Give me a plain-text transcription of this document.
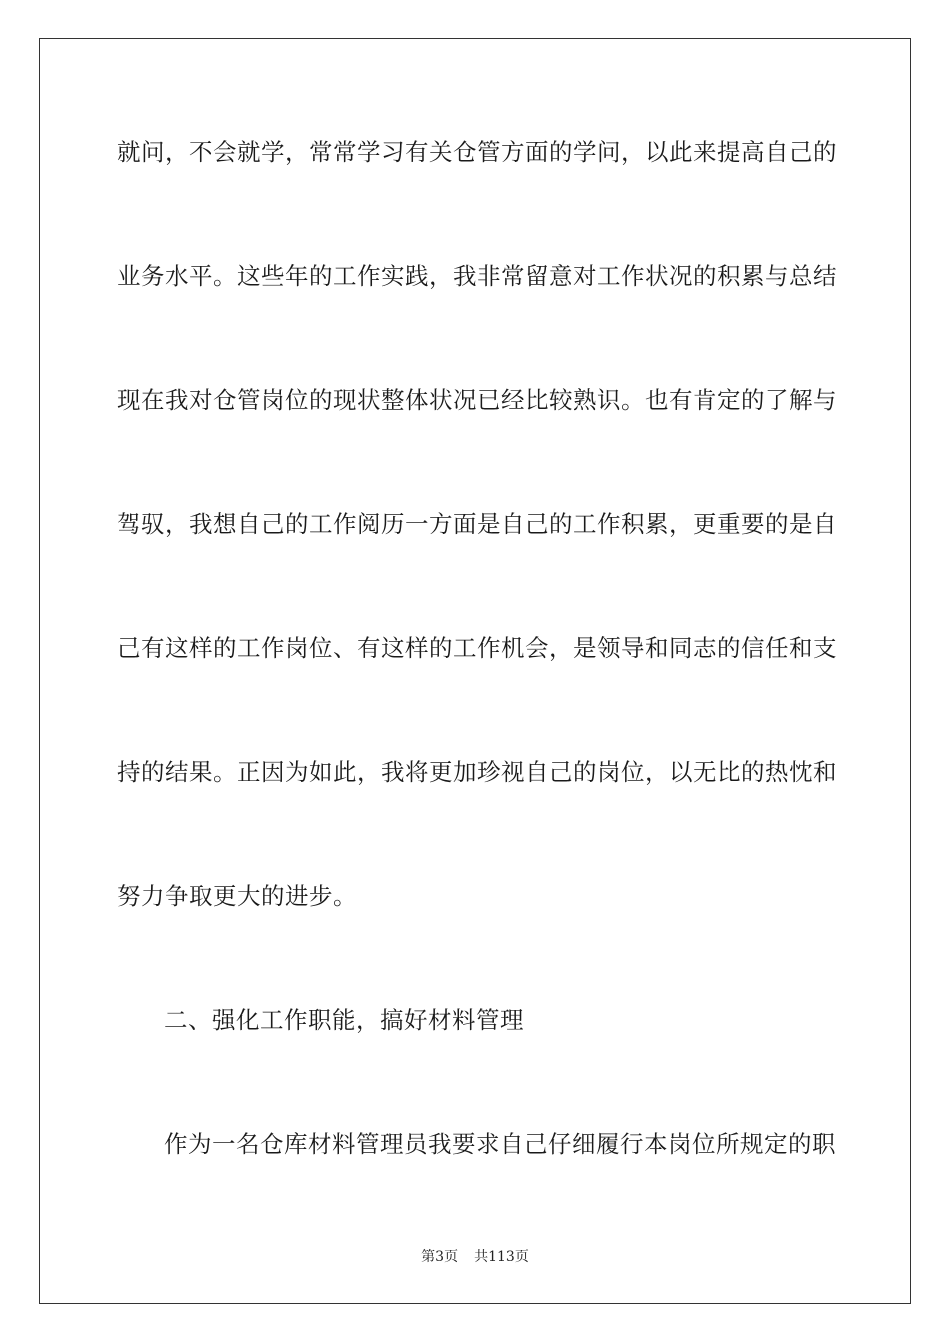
就问，不会就学，常常学习有关仓管方面的学问，以此来提高自己的
业务水平。这些年的工作实践，我非常留意对工作状况的积累与总结
现在我对仓管岗位的现状整体状况已经比较熟识。也有肯定的了解与
驾驭，我想自己的工作阅历一方面是自己的工作积累，更重要的是自
己有这样的工作岗位、有这样的工作机会，是领导和同志的信任和支
持的结果。正因为如此，我将更加珍视自己的岗位，以无比的热忱和
努力争取更大的进步。
二、强化工作职能，搞好材料管理
作为一名仓库材料管理员我要求自己仔细履行本岗位所规定的职
第3页 共113页
